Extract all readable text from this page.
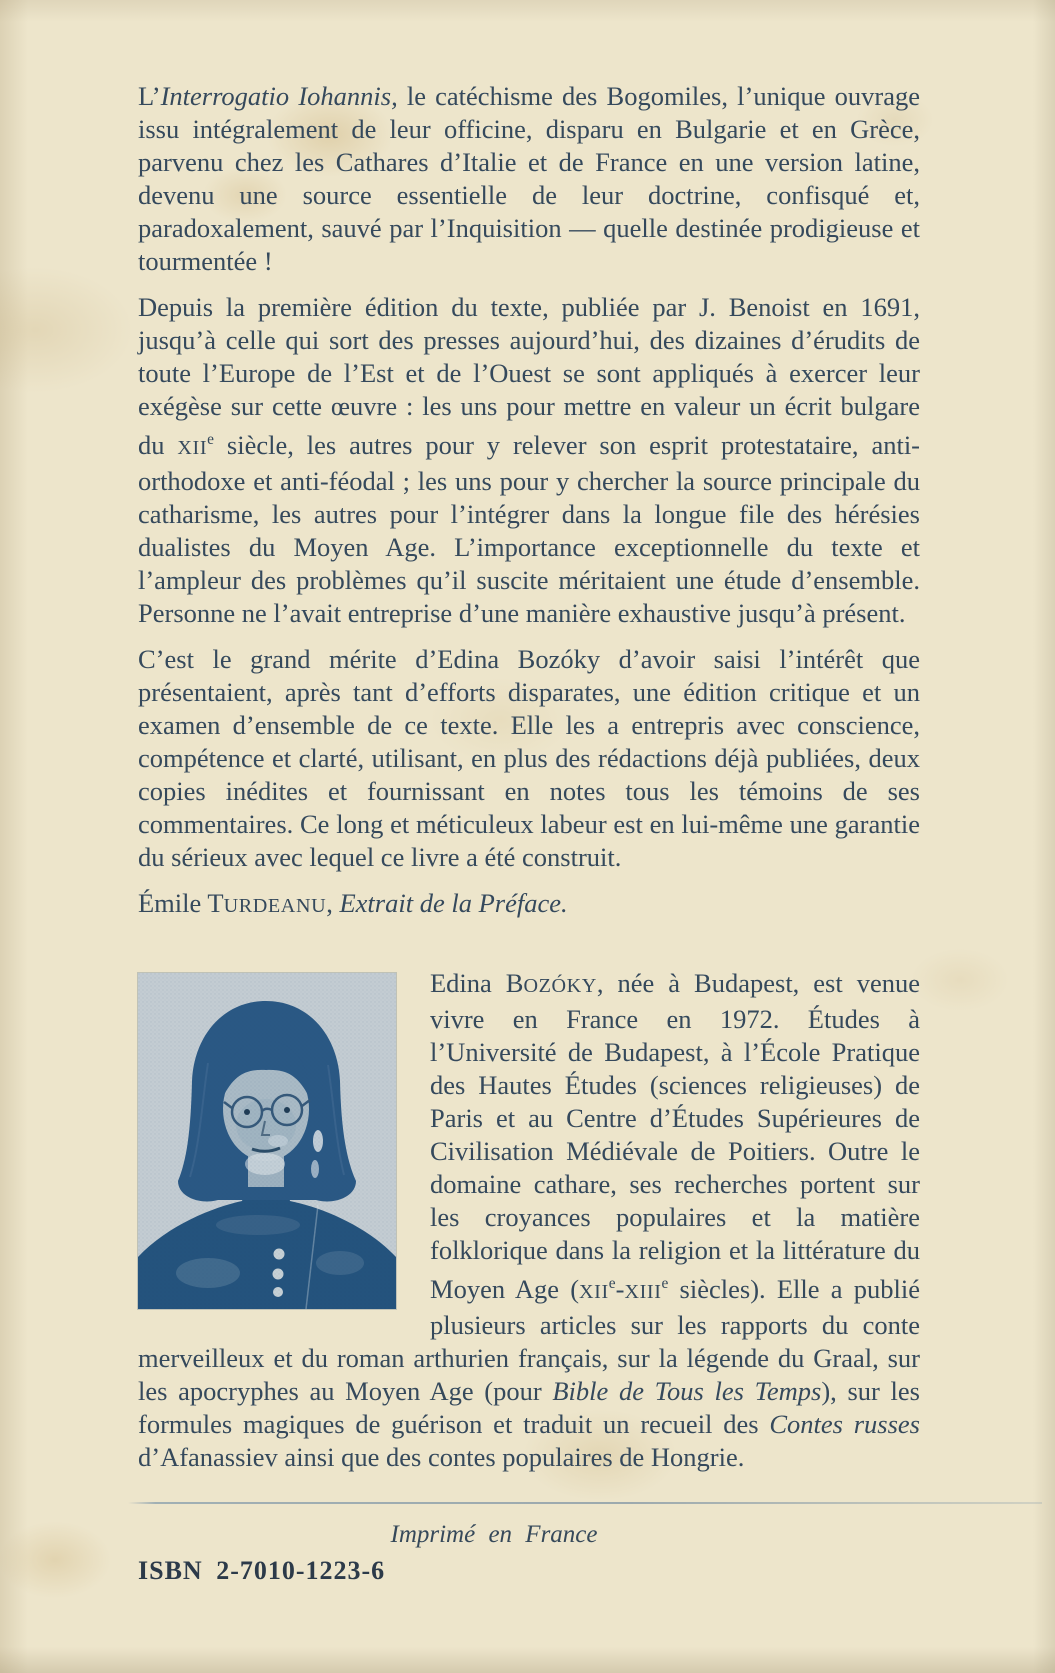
L’Interrogatio Iohannis, le catéchisme des Bogomiles, l’unique ouvrage issu intégralement de leur officine, disparu en Bulgarie et en Grèce, parvenu chez les Cathares d’Italie et de France en une version latine, devenu une source essentielle de leur doctrine, confisqué et, paradoxalement, sauvé par l’Inquisition — quelle destinée prodigieuse et tourmentée !

Depuis la première édition du texte, publiée par J. Benoist en 1691, jusqu’à celle qui sort des presses aujourd’hui, des dizaines d’érudits de toute l’Europe de l’Est et de l’Ouest se sont appliqués à exercer leur exégèse sur cette œuvre : les uns pour mettre en valeur un écrit bulgare du XIIe siècle, les autres pour y relever son esprit protestataire, anti-orthodoxe et anti-féodal ; les uns pour y chercher la source principale du catharisme, les autres pour l’intégrer dans la longue file des hérésies dualistes du Moyen Age. L’importance exceptionnelle du texte et l’ampleur des problèmes qu’il suscite méritaient une étude d’ensemble. Personne ne l’avait entreprise d’une manière exhaustive jusqu’à présent.

C’est le grand mérite d’Edina Bozóky d’avoir saisi l’intérêt que présentaient, après tant d’efforts disparates, une édition critique et un examen d’ensemble de ce texte. Elle les a entrepris avec conscience, compétence et clarté, utilisant, en plus des rédactions déjà publiées, deux copies inédites et fournissant en notes tous les témoins de ses commentaires. Ce long et méticuleux labeur est en lui-même une garantie du sérieux avec lequel ce livre a été construit.

Émile TURDEANU, Extrait de la Préface.

Edina BOZÓKY, née à Budapest, est venue vivre en France en 1972. Études à l’Université de Budapest, à l’École Pratique des Hautes Études (sciences religieuses) de Paris et au Centre d’Études Supérieures de Civilisation Médiévale de Poitiers. Outre le domaine cathare, ses recherches portent sur les croyances populaires et la matière folklorique dans la religion et la littérature du Moyen Age (XIIe-XIIIe siècles). Elle a publié plusieurs articles sur les rapports du conte merveilleux et du roman arthurien français, sur la légende du Graal, sur les apocryphes au Moyen Age (pour Bible de Tous les Temps), sur les formules magiques de guérison et traduit un recueil des Contes russes d’Afanassiev ainsi que des contes populaires de Hongrie.

Imprimé en France
ISBN 2-7010-1223-6
